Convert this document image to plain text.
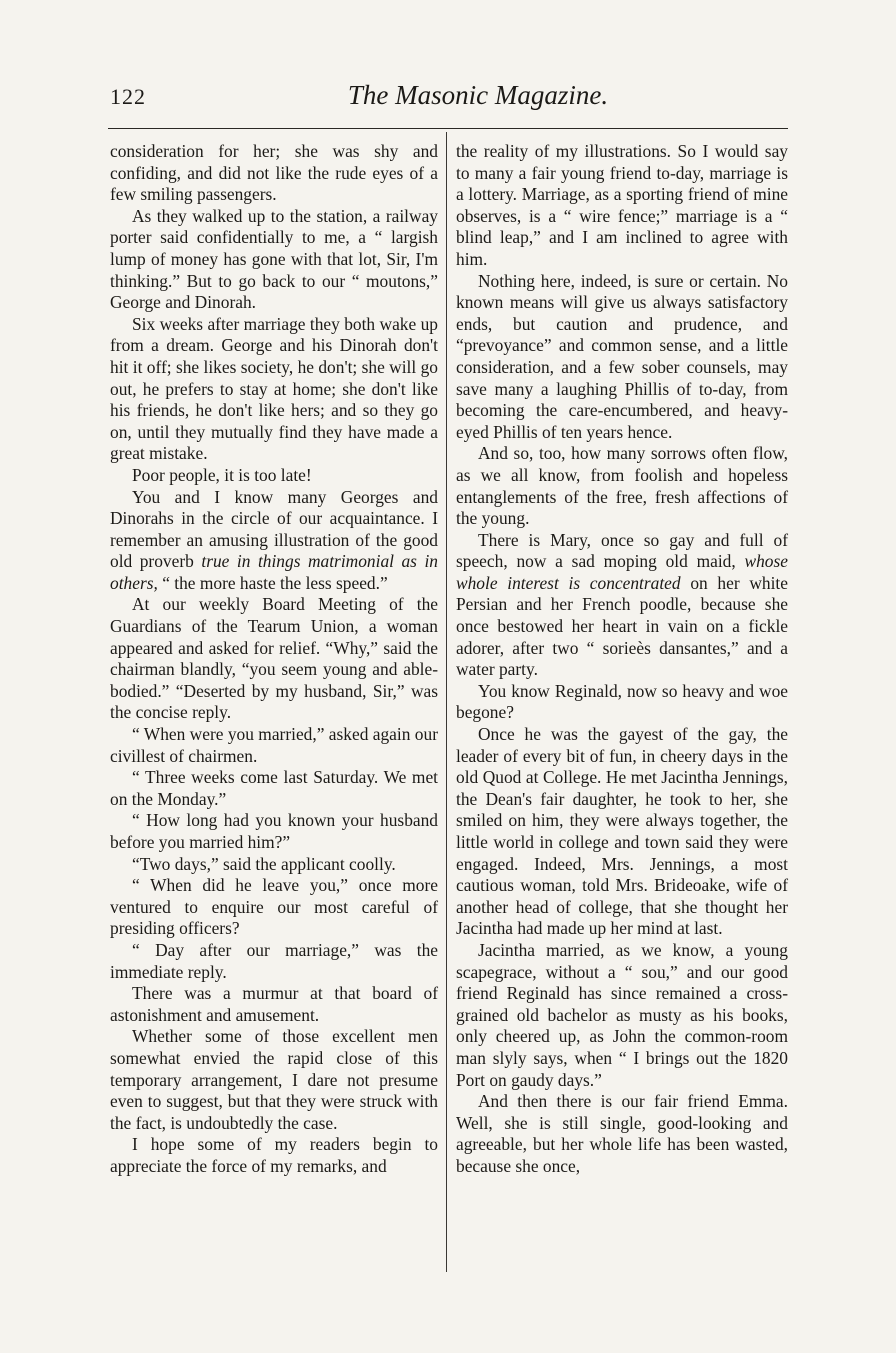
122	The Masonic Magazine.

consideration for her; she was shy and confiding, and did not like the rude eyes of a few smiling passengers.

As they walked up to the station, a railway porter said confidentially to me, a “ largish lump of money has gone with that lot, Sir, I'm thinking.” But to go back to our “ moutons,” George and Dinorah.

Six weeks after marriage they both wake up from a dream. George and his Dinorah don't hit it off; she likes society, he don't; she will go out, he prefers to stay at home; she don't like his friends, he don't like hers; and so they go on, until they mutually find they have made a great mistake.

Poor people, it is too late!

You and I know many Georges and Dinorahs in the circle of our acquaintance. I remember an amusing illustration of the good old proverb true in things matrimonial as in others, “ the more haste the less speed.”

At our weekly Board Meeting of the Guardians of the Tearum Union, a woman appeared and asked for relief. “Why,” said the chairman blandly, “you seem young and able-bodied.” “Deserted by my husband, Sir,” was the concise reply.

“ When were you married,” asked again our civillest of chairmen.

“ Three weeks come last Saturday. We met on the Monday.”

“ How long had you known your husband before you married him?”

“Two days,” said the applicant coolly.

“ When did he leave you,” once more ventured to enquire our most careful of presiding officers?

“ Day after our marriage,” was the immediate reply.

There was a murmur at that board of astonishment and amusement.

Whether some of those excellent men somewhat envied the rapid close of this temporary arrangement, I dare not presume even to suggest, but that they were struck with the fact, is undoubtedly the case.

I hope some of my readers begin to appreciate the force of my remarks, and

the reality of my illustrations. So I would say to many a fair young friend to-day, marriage is a lottery. Marriage, as a sporting friend of mine observes, is a “ wire fence;” marriage is a “ blind leap,” and I am inclined to agree with him.

Nothing here, indeed, is sure or certain. No known means will give us always satisfactory ends, but caution and prudence, and “prevoyance” and common sense, and a little consideration, and a few sober counsels, may save many a laughing Phillis of to-day, from becoming the care-encumbered, and heavy-eyed Phillis of ten years hence.

And so, too, how many sorrows often flow, as we all know, from foolish and hopeless entanglements of the free, fresh affections of the young.

There is Mary, once so gay and full of speech, now a sad moping old maid, whose whole interest is concentrated on her white Persian and her French poodle, because she once bestowed her heart in vain on a fickle adorer, after two “ sorieès dansantes,” and a water party.

You know Reginald, now so heavy and woe begone?

Once he was the gayest of the gay, the leader of every bit of fun, in cheery days in the old Quod at College. He met Jacintha Jennings, the Dean's fair daughter, he took to her, she smiled on him, they were always together, the little world in college and town said they were engaged. Indeed, Mrs. Jennings, a most cautious woman, told Mrs. Brideoake, wife of another head of college, that she thought her Jacintha had made up her mind at last.

Jacintha married, as we know, a young scapegrace, without a “ sou,” and our good friend Reginald has since remained a cross-grained old bachelor as musty as his books, only cheered up, as John the common-room man slyly says, when “ I brings out the 1820 Port on gaudy days.”

And then there is our fair friend Emma. Well, she is still single, good-looking and agreeable, but her whole life has been wasted, because she once,
